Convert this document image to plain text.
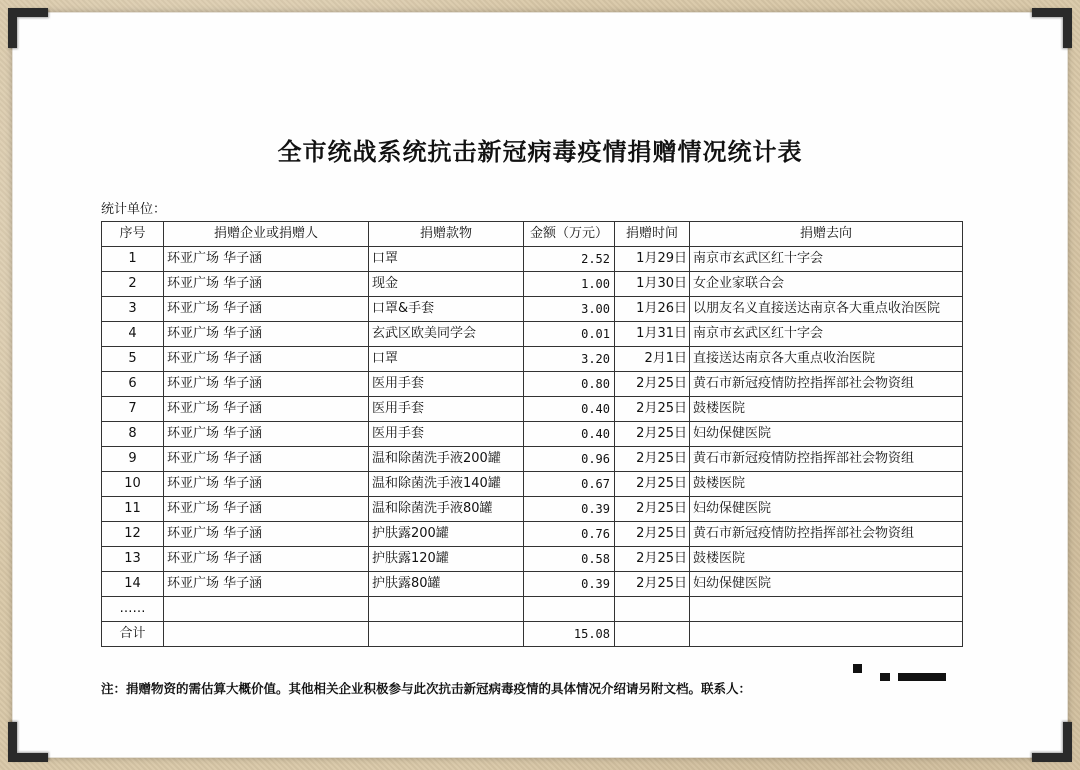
全市统战系统抗击新冠病毒疫情捐赠情况统计表
统计单位：
序号	捐赠企业或捐赠人	捐赠款物	金额（万元）	捐赠时间	捐赠去向
1	环亚广场 华子涵	口罩	2.52	1月29日	南京市玄武区红十字会
2	环亚广场 华子涵	现金	1.00	1月30日	女企业家联合会
3	环亚广场 华子涵	口罩&手套	3.00	1月26日	以朋友名义直接送达南京各大重点收治医院
4	环亚广场 华子涵	玄武区欧美同学会	0.01	1月31日	南京市玄武区红十字会
5	环亚广场 华子涵	口罩	3.20	2月1日	直接送达南京各大重点收治医院
6	环亚广场 华子涵	医用手套	0.80	2月25日	黄石市新冠疫情防控指挥部社会物资组
7	环亚广场 华子涵	医用手套	0.40	2月25日	鼓楼医院
8	环亚广场 华子涵	医用手套	0.40	2月25日	妇幼保健医院
9	环亚广场 华子涵	温和除菌洗手液200罐	0.96	2月25日	黄石市新冠疫情防控指挥部社会物资组
10	环亚广场 华子涵	温和除菌洗手液140罐	0.67	2月25日	鼓楼医院
11	环亚广场 华子涵	温和除菌洗手液80罐	0.39	2月25日	妇幼保健医院
12	环亚广场 华子涵	护肤露200罐	0.76	2月25日	黄石市新冠疫情防控指挥部社会物资组
13	环亚广场 华子涵	护肤露120罐	0.58	2月25日	鼓楼医院
14	环亚广场 华子涵	护肤露80罐	0.39	2月25日	妇幼保健医院
……					
合计			15.08		
注：捐赠物资的需估算大概价值。其他相关企业积极参与此次抗击新冠病毒疫情的具体情况介绍请另附文档。联系人：
